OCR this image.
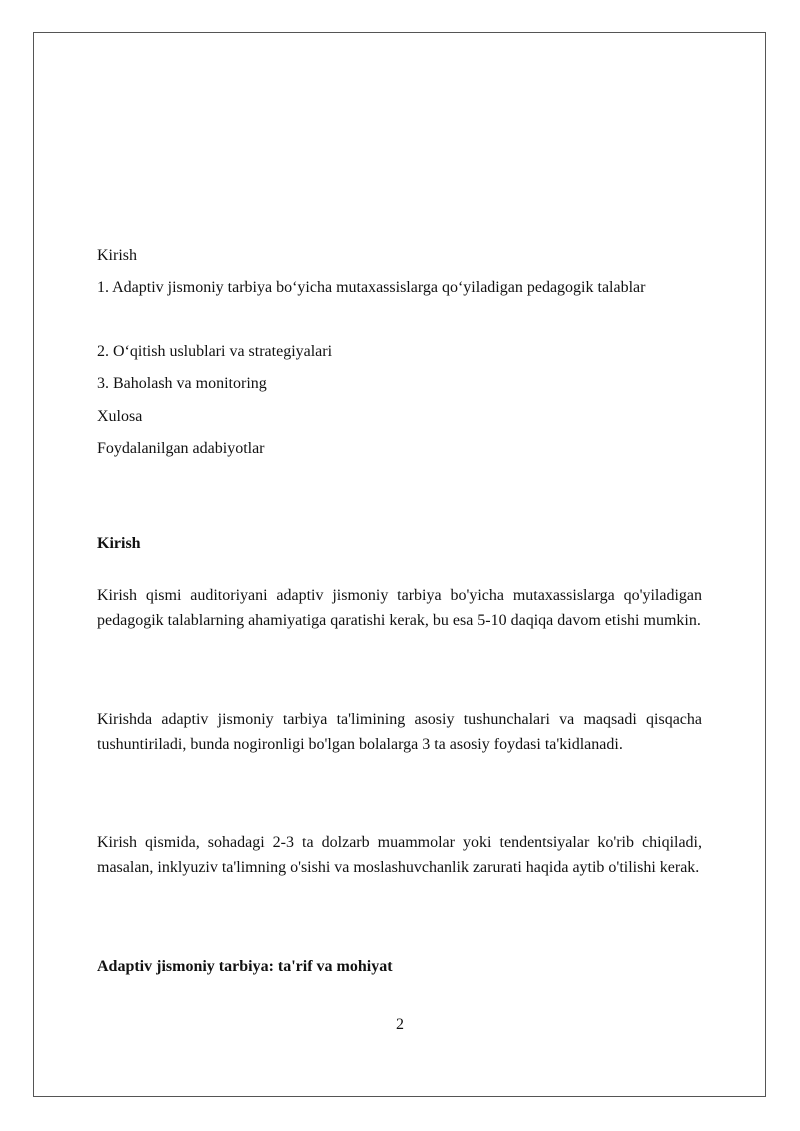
Kirish

1. Adaptiv jismoniy tarbiya bo‘yicha mutaxassislarga qo‘yiladigan pedagogik talablar

2. O‘qitish uslublari va strategiyalari

3. Baholash va monitoring

Xulosa

Foydalanilgan adabiyotlar

Kirish

Kirish qismi auditoriyani adaptiv jismoniy tarbiya bo'yicha mutaxassislarga qo'yiladigan pedagogik talablarning ahamiyatiga qaratishi kerak, bu esa 5-10 daqiqa davom etishi mumkin.

Kirishda adaptiv jismoniy tarbiya ta'limining asosiy tushunchalari va maqsadi qisqacha tushuntiriladi, bunda nogironligi bo'lgan bolalarga 3 ta asosiy foydasi ta'kidlanadi.

Kirish qismida, sohadagi 2-3 ta dolzarb muammolar yoki tendentsiyalar ko'rib chiqiladi, masalan, inklyuziv ta'limning o'sishi va moslashuvchanlik zarurati haqida aytib o'tilishi kerak.

Adaptiv jismoniy tarbiya: ta'rif va mohiyat
2
